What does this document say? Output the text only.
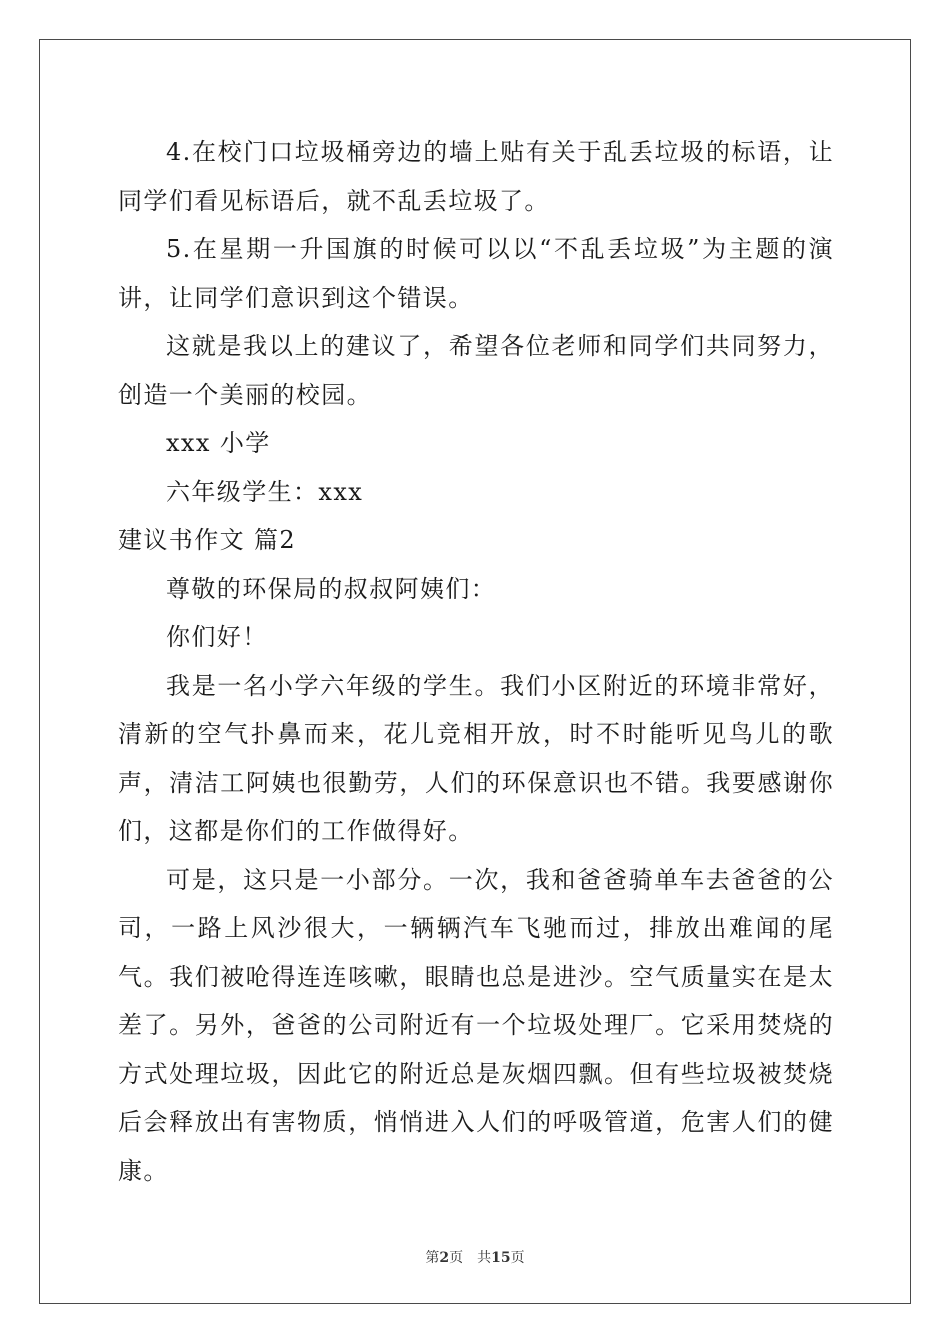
4.在校门口垃圾桶旁边的墙上贴有关于乱丢垃圾的标语，让同学们看见标语后，就不乱丢垃圾了。

5.在星期一升国旗的时候可以以“不乱丢垃圾”为主题的演讲，让同学们意识到这个错误。

这就是我以上的建议了，希望各位老师和同学们共同努力，创造一个美丽的校园。

xxx 小学

六年级学生：xxx

建议书作文 篇2

尊敬的环保局的叔叔阿姨们：

你们好！

我是一名小学六年级的学生。我们小区附近的环境非常好，清新的空气扑鼻而来，花儿竞相开放，时不时能听见鸟儿的歌声，清洁工阿姨也很勤劳，人们的环保意识也不错。我要感谢你们，这都是你们的工作做得好。

可是，这只是一小部分。一次，我和爸爸骑单车去爸爸的公司，一路上风沙很大，一辆辆汽车飞驰而过，排放出难闻的尾气。我们被呛得连连咳嗽，眼睛也总是进沙。空气质量实在是太差了。另外，爸爸的公司附近有一个垃圾处理厂。它采用焚烧的方式处理垃圾，因此它的附近总是灰烟四飘。但有些垃圾被焚烧后会释放出有害物质，悄悄进入人们的呼吸管道，危害人们的健康。

第2页　共15页
